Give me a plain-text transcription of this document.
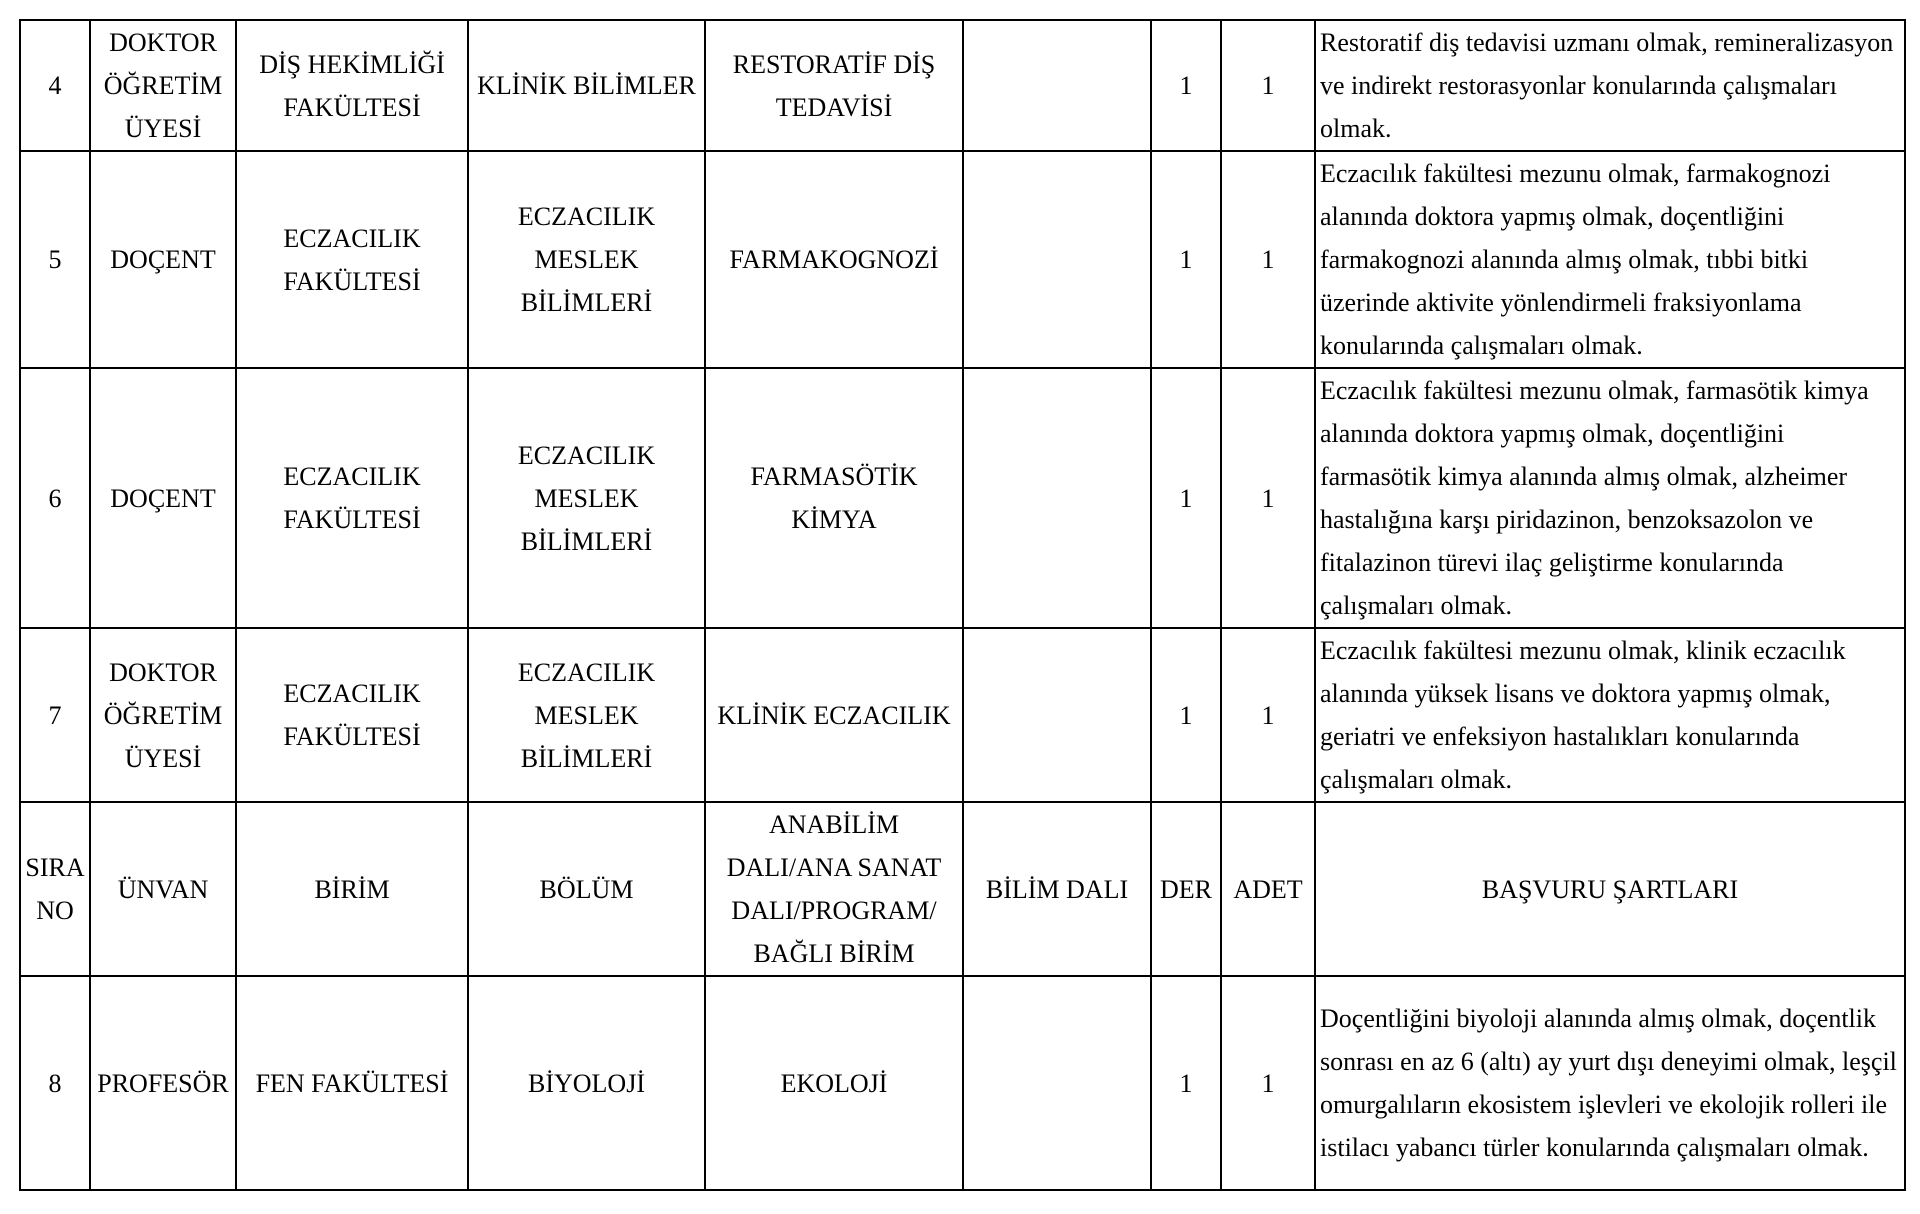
4	DOKTOR ÖĞRETİM ÜYESİ	DİŞ HEKİMLİĞİ FAKÜLTESİ	KLİNİK BİLİMLER	RESTORATİF DİŞ TEDAVİSİ		1	1	Restoratif diş tedavisi uzmanı olmak, remineralizasyon ve indirekt restorasyonlar konularında çalışmaları olmak.
5	DOÇENT	ECZACILIK FAKÜLTESİ	ECZACILIK MESLEK BİLİMLERİ	FARMAKOGNOZİ		1	1	Eczacılık fakültesi mezunu olmak, farmakognozi alanında doktora yapmış olmak, doçentliğini farmakognozi alanında almış olmak, tıbbi bitki üzerinde aktivite yönlendirmeli fraksiyonlama konularında çalışmaları olmak.
6	DOÇENT	ECZACILIK FAKÜLTESİ	ECZACILIK MESLEK BİLİMLERİ	FARMASÖTİK KİMYA		1	1	Eczacılık fakültesi mezunu olmak, farmasötik kimya alanında doktora yapmış olmak, doçentliğini farmasötik kimya alanında almış olmak, alzheimer hastalığına karşı piridazinon, benzoksazolon ve fitalazinon türevi ilaç geliştirme konularında çalışmaları olmak.
7	DOKTOR ÖĞRETİM ÜYESİ	ECZACILIK FAKÜLTESİ	ECZACILIK MESLEK BİLİMLERİ	KLİNİK ECZACILIK		1	1	Eczacılık fakültesi mezunu olmak, klinik eczacılık alanında yüksek lisans ve doktora yapmış olmak, geriatri ve enfeksiyon hastalıkları konularında çalışmaları olmak.
SIRA NO	ÜNVAN	BİRİM	BÖLÜM	ANABİLİM DALI/ANA SANAT DALI/PROGRAM/ BAĞLI BİRİM	BİLİM DALI	DER	ADET	BAŞVURU ŞARTLARI
8	PROFESÖR	FEN FAKÜLTESİ	BİYOLOJİ	EKOLOJİ		1	1	Doçentliğini biyoloji alanında almış olmak, doçentlik sonrası en az 6 (altı) ay yurt dışı deneyimi olmak, leşçil omurgalıların ekosistem işlevleri ve ekolojik rolleri ile istilacı yabancı türler konularında çalışmaları olmak.
